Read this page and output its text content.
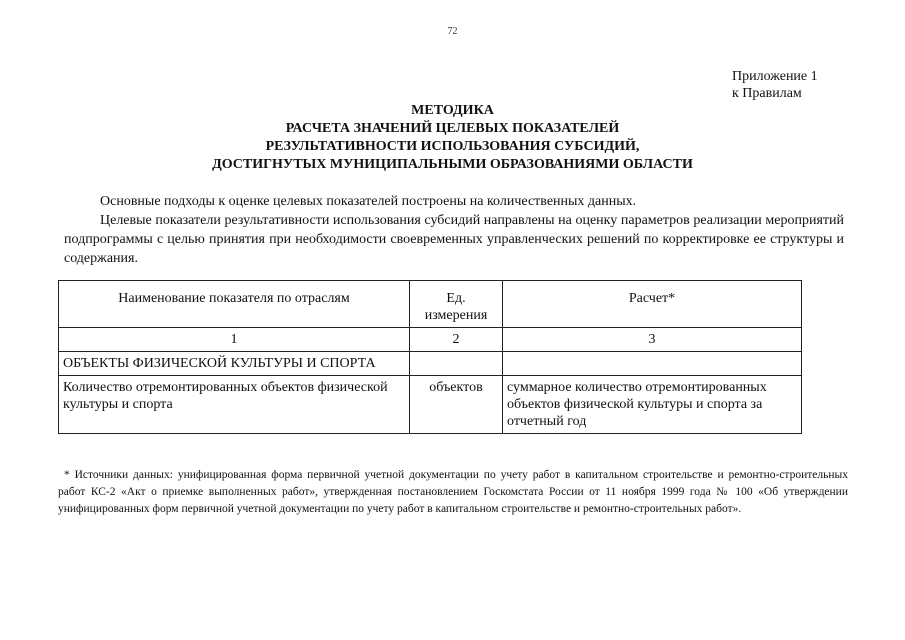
72
Приложение 1
к Правилам
МЕТОДИКА
РАСЧЕТА ЗНАЧЕНИЙ ЦЕЛЕВЫХ ПОКАЗАТЕЛЕЙ
РЕЗУЛЬТАТИВНОСТИ ИСПОЛЬЗОВАНИЯ СУБСИДИЙ,
ДОСТИГНУТЫХ МУНИЦИПАЛЬНЫМИ ОБРАЗОВАНИЯМИ ОБЛАСТИ

Основные подходы к оценке целевых показателей построены на количественных данных.

Целевые показатели результативности использования субсидий направлены на оценку параметров реализации мероприятий подпрограммы с целью принятия при необходимости своевременных управленческих решений по корректировке ее структуры и содержания.

Наименование показателя по отраслям	Ед. измерения	Расчет*
1	2	3
ОБЪЕКТЫ ФИЗИЧЕСКОЙ КУЛЬТУРЫ И СПОРТА		
Количество отремонтированных объектов физической культуры и спорта	объектов	суммарное количество отремонтированных объектов физической культуры и спорта за отчетный год
* Источники данных: унифицированная форма первичной учетной документации по учету работ в капитальном строительстве и ремонтно-строительных работ КС-2 «Акт о приемке выполненных работ», утвержденная постановлением Госкомстата России от 11 ноября 1999 года № 100 «Об утверждении унифицированных форм первичной учетной документации по учету работ в капитальном строительстве и ремонтно-строительных работ».
